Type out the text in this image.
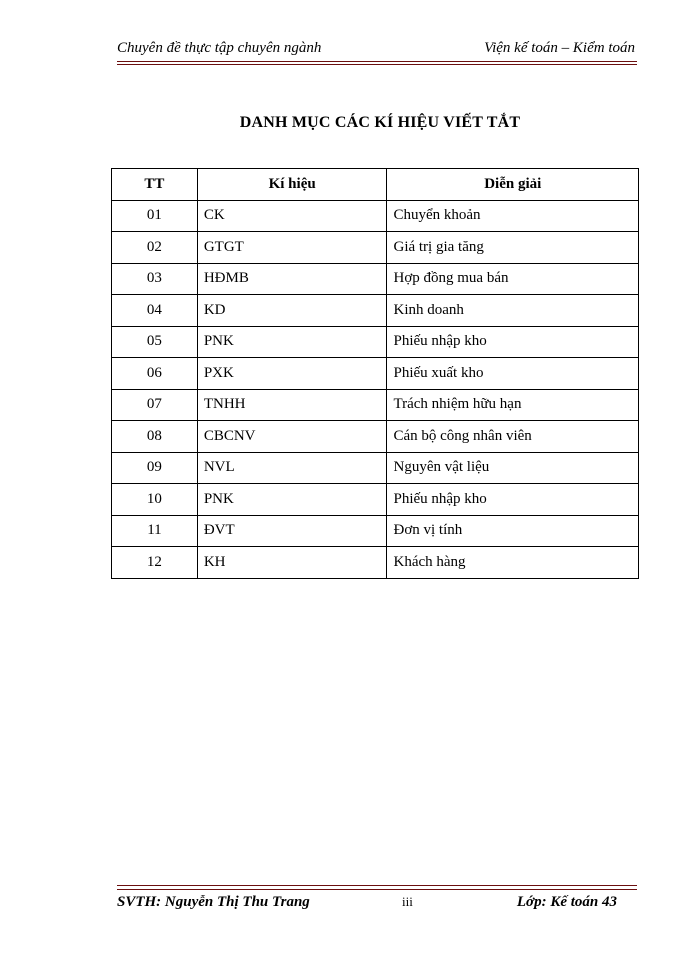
Chuyên đề thực tập chuyên ngành	Viện kế toán – Kiểm toán
DANH MỤC CÁC KÍ HIỆU VIẾT TẮT
TT	Kí hiệu	Diễn giải
01	CK	Chuyển khoản
02	GTGT	Giá trị gia tăng
03	HĐMB	Hợp đồng mua bán
04	KD	Kinh doanh
05	PNK	Phiếu nhập kho
06	PXK	Phiếu xuất kho
07	TNHH	Trách nhiệm hữu hạn
08	CBCNV	Cán bộ công nhân viên
09	NVL	Nguyên vật liệu
10	PNK	Phiếu nhập kho
11	ĐVT	Đơn vị tính
12	KH	Khách hàng
SVTH: Nguyễn Thị Thu Trang	iii	Lớp: Kế toán 43
